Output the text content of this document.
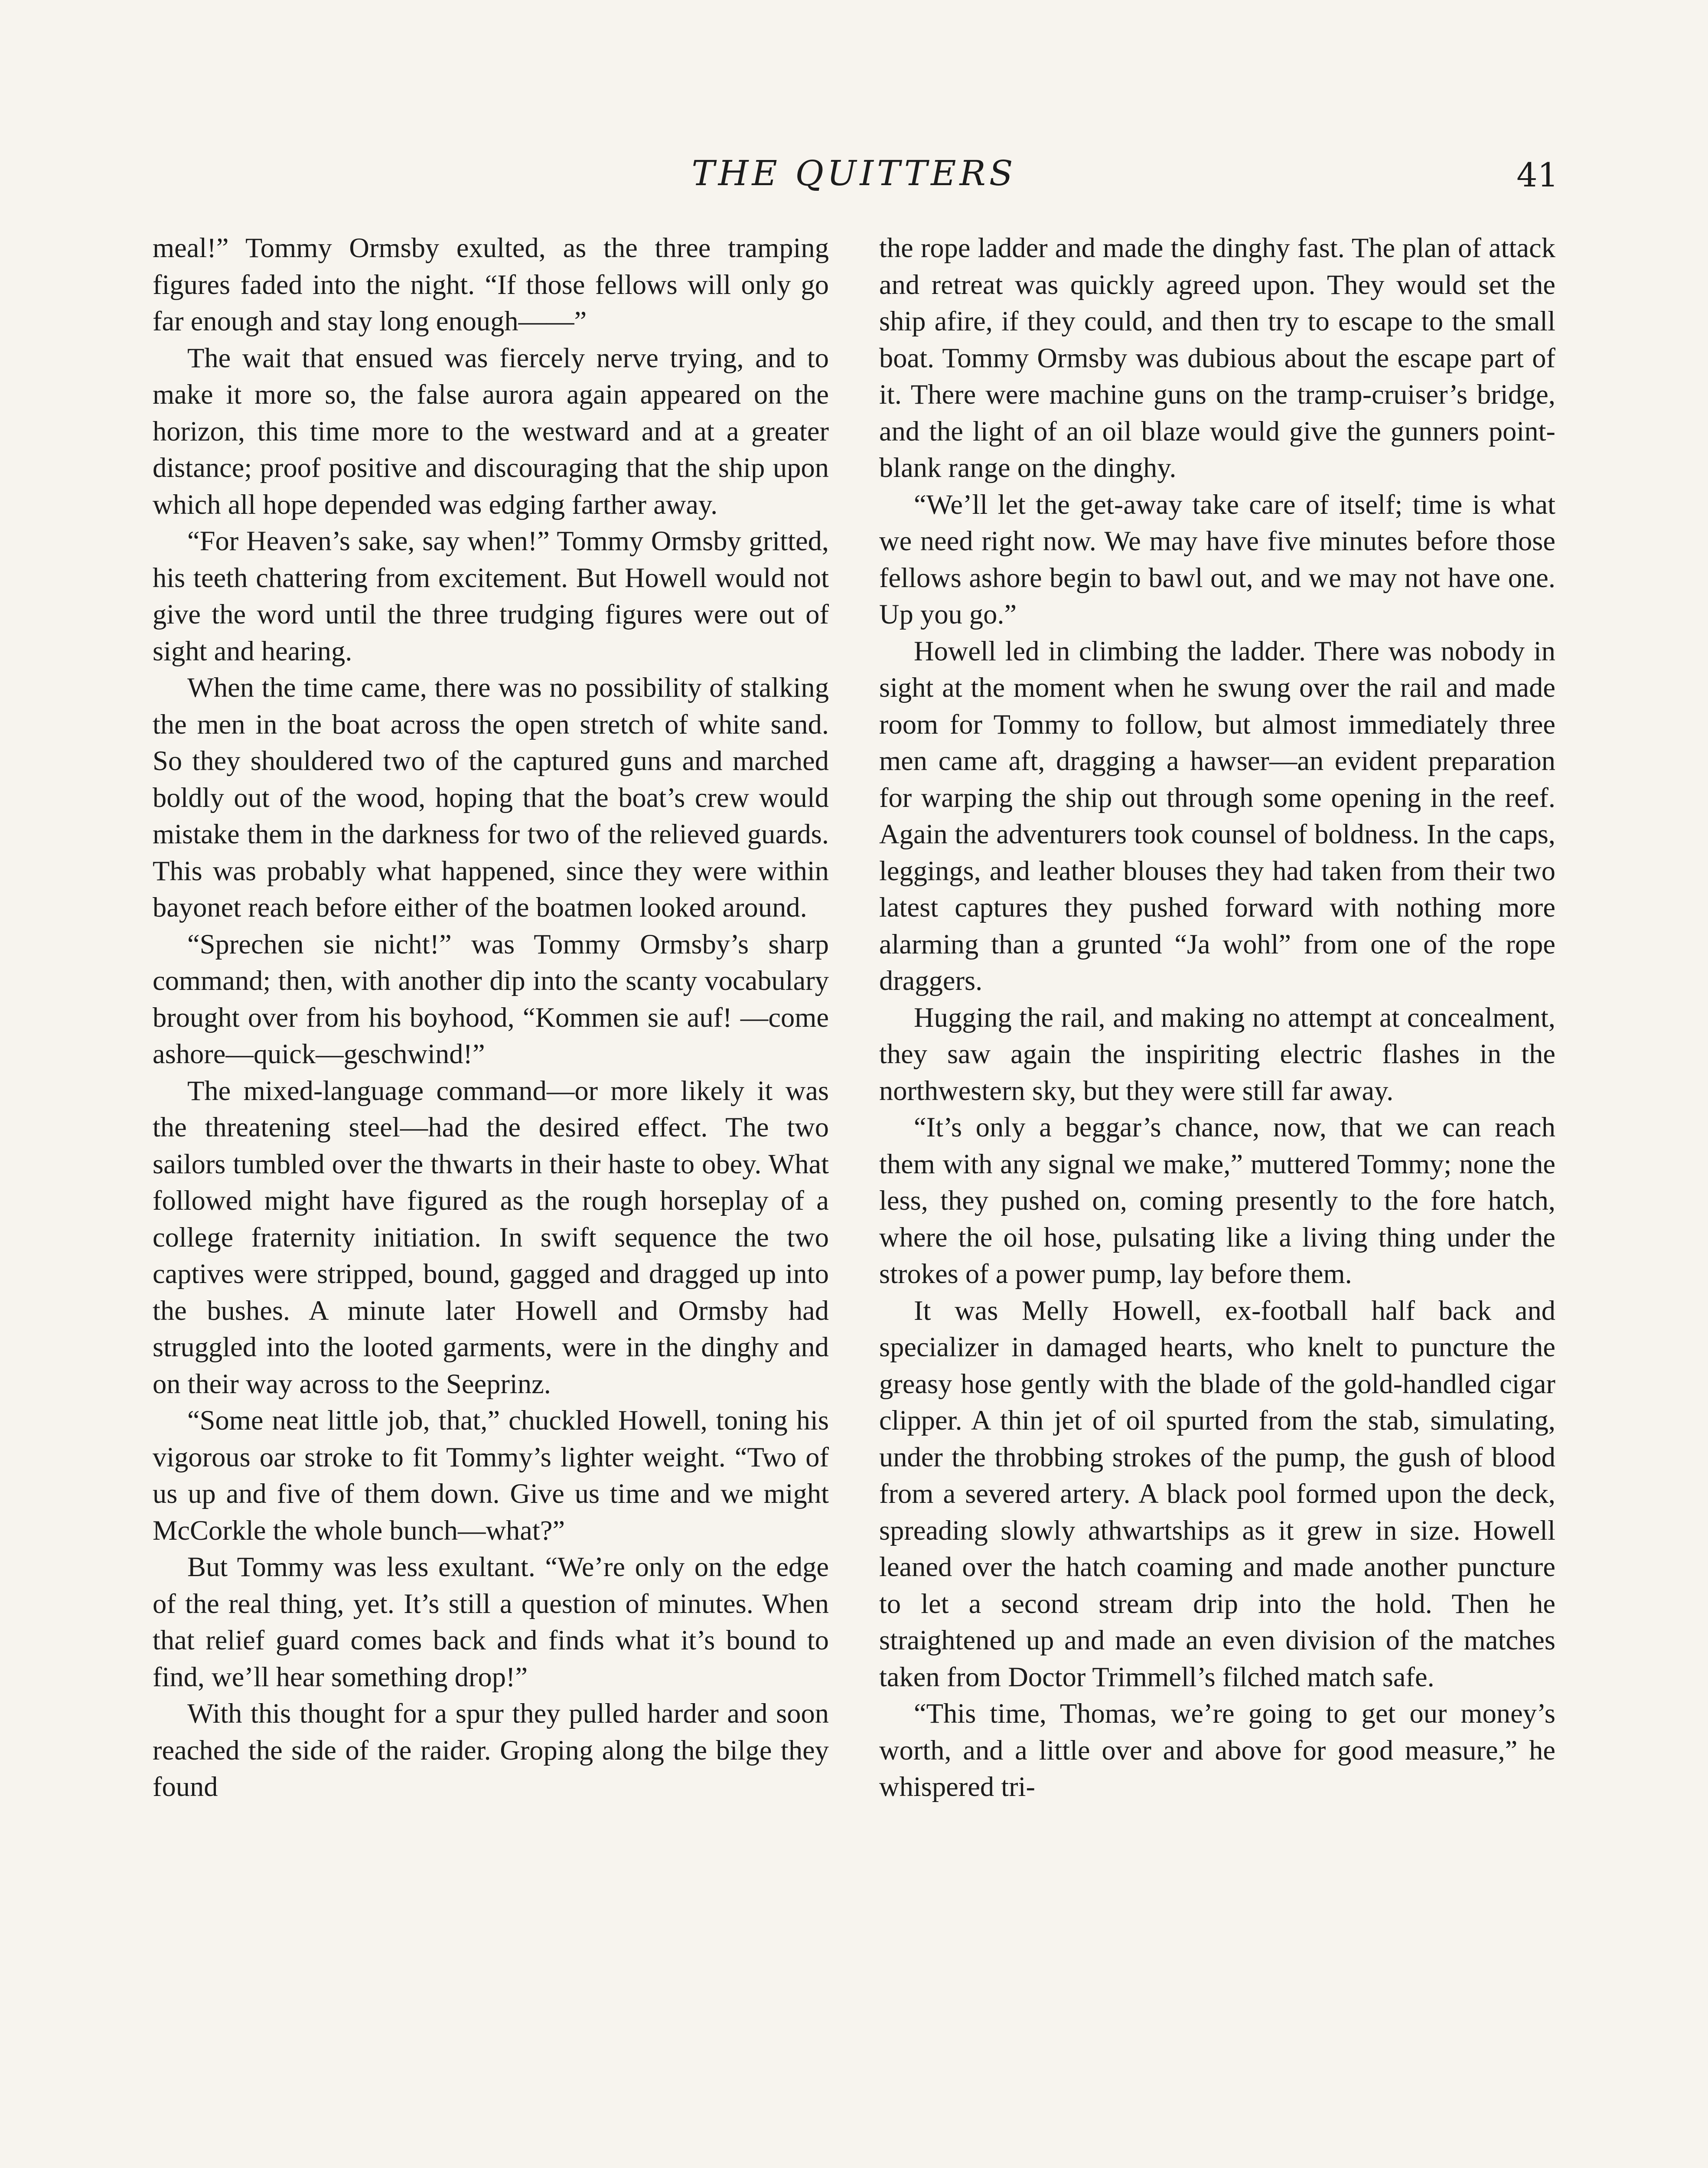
THE QUITTERS	41

meal!” Tommy Ormsby exulted, as the three tramping figures faded into the night. “If those fellows will only go far enough and stay long enough——”

The wait that ensued was fiercely nerve trying, and to make it more so, the false aurora again appeared on the horizon, this time more to the westward and at a greater distance; proof positive and discouraging that the ship upon which all hope depended was edging farther away.

“For Heaven’s sake, say when!” Tommy Ormsby gritted, his teeth chattering from excitement. But Howell would not give the word until the three trudging figures were out of sight and hearing.

When the time came, there was no possibility of stalking the men in the boat across the open stretch of white sand. So they shouldered two of the captured guns and marched boldly out of the wood, hoping that the boat’s crew would mistake them in the darkness for two of the relieved guards. This was probably what happened, since they were within bayonet reach before either of the boatmen looked around.

“Sprechen sie nicht!” was Tommy Ormsby’s sharp command; then, with another dip into the scanty vocabulary brought over from his boyhood, “Kommen sie auf! —come ashore—quick—geschwind!”

The mixed-language command—or more likely it was the threatening steel—had the desired effect. The two sailors tumbled over the thwarts in their haste to obey. What followed might have figured as the rough horseplay of a college fraternity initiation. In swift sequence the two captives were stripped, bound, gagged and dragged up into the bushes. A minute later Howell and Ormsby had struggled into the looted garments, were in the dinghy and on their way across to the Seeprinz.

“Some neat little job, that,” chuckled Howell, toning his vigorous oar stroke to fit Tommy’s lighter weight. “Two of us up and five of them down. Give us time and we might McCorkle the whole bunch—what?”

But Tommy was less exultant. “We’re only on the edge of the real thing, yet. It’s still a question of minutes. When that relief guard comes back and finds what it’s bound to find, we’ll hear something drop!”

With this thought for a spur they pulled harder and soon reached the side of the raider. Groping along the bilge they found

the rope ladder and made the dinghy fast. The plan of attack and retreat was quickly agreed upon. They would set the ship afire, if they could, and then try to escape to the small boat. Tommy Ormsby was dubious about the escape part of it. There were machine guns on the tramp-cruiser’s bridge, and the light of an oil blaze would give the gunners point-blank range on the dinghy.

“We’ll let the get-away take care of itself; time is what we need right now. We may have five minutes before those fellows ashore begin to bawl out, and we may not have one. Up you go.”

Howell led in climbing the ladder. There was nobody in sight at the moment when he swung over the rail and made room for Tommy to follow, but almost immediately three men came aft, dragging a hawser—an evident preparation for warping the ship out through some opening in the reef. Again the adventurers took counsel of boldness. In the caps, leggings, and leather blouses they had taken from their two latest captures they pushed forward with nothing more alarming than a grunted “Ja wohl” from one of the rope draggers.

Hugging the rail, and making no attempt at concealment, they saw again the inspiriting electric flashes in the northwestern sky, but they were still far away.

“It’s only a beggar’s chance, now, that we can reach them with any signal we make,” muttered Tommy; none the less, they pushed on, coming presently to the fore hatch, where the oil hose, pulsating like a living thing under the strokes of a power pump, lay before them.

It was Melly Howell, ex-football half back and specializer in damaged hearts, who knelt to puncture the greasy hose gently with the blade of the gold-handled cigar clipper. A thin jet of oil spurted from the stab, simulating, under the throbbing strokes of the pump, the gush of blood from a severed artery. A black pool formed upon the deck, spreading slowly athwartships as it grew in size. Howell leaned over the hatch coaming and made another puncture to let a second stream drip into the hold. Then he straightened up and made an even division of the matches taken from Doctor Trimmell’s filched match safe.

“This time, Thomas, we’re going to get our money’s worth, and a little over and above for good measure,” he whispered tri-
